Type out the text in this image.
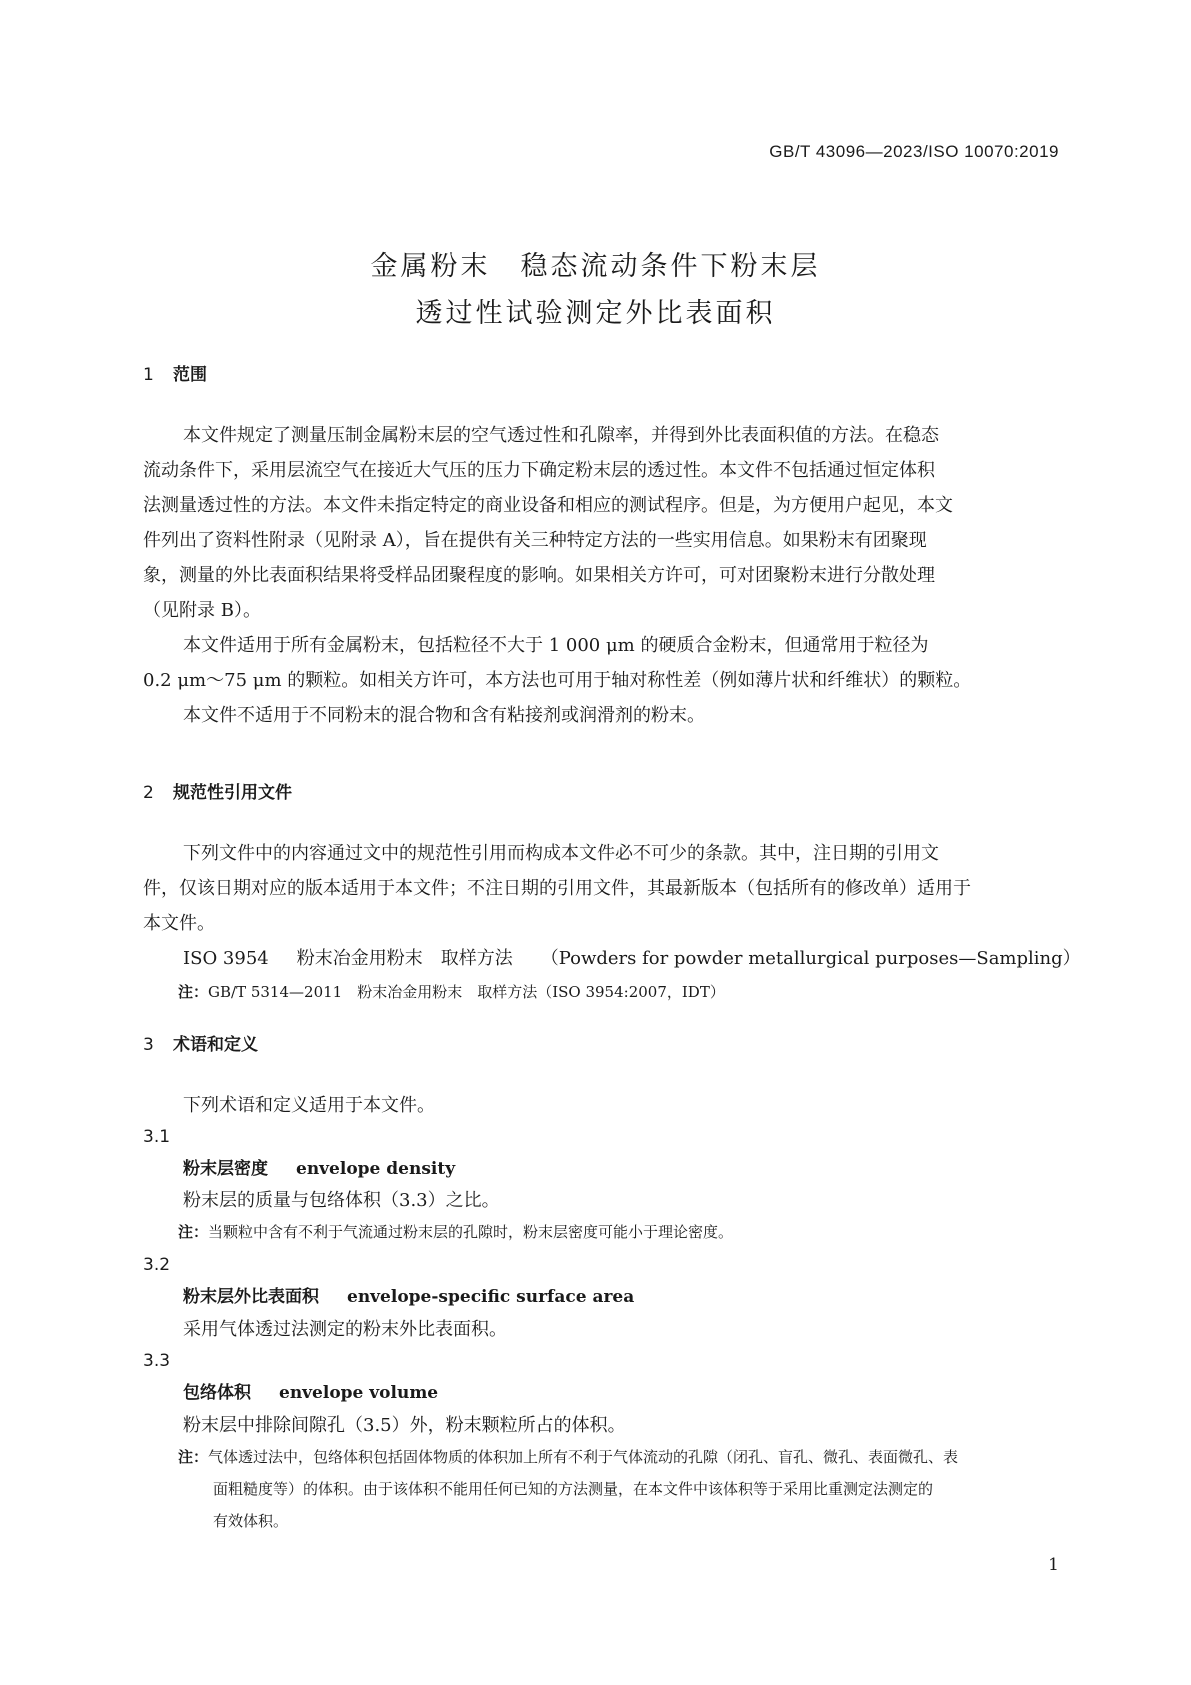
GB/T 43096—2023/ISO 10070:2019
金属粉末　稳态流动条件下粉末层
透过性试验测定外比表面积
1 范围
本文件规定了测量压制金属粉末层的空气透过性和孔隙率，并得到外比表面积值的方法。在稳态
流动条件下，采用层流空气在接近大气压的压力下确定粉末层的透过性。本文件不包括通过恒定体积
法测量透过性的方法。本文件未指定特定的商业设备和相应的测试程序。但是，为方便用户起见，本文
件列出了资料性附录（见附录 A），旨在提供有关三种特定方法的一些实用信息。如果粉末有团聚现
象，测量的外比表面积结果将受样品团聚程度的影响。如果相关方许可，可对团聚粉末进行分散处理
（见附录 B）。
本文件适用于所有金属粉末，包括粒径不大于 1 000 μm 的硬质合金粉末，但通常用于粒径为
0.2 μm～75 μm 的颗粒。如相关方许可，本方法也可用于轴对称性差（例如薄片状和纤维状）的颗粒。
本文件不适用于不同粉末的混合物和含有粘接剂或润滑剂的粉末。
2 规范性引用文件
下列文件中的内容通过文中的规范性引用而构成本文件必不可少的条款。其中，注日期的引用文
件，仅该日期对应的版本适用于本文件；不注日期的引用文件，其最新版本（包括所有的修改单）适用于
本文件。
ISO 3954 粉末冶金用粉末　取样方法 （Powders for powder metallurgical purposes—Sampling）
注：GB/T 5314—2011　粉末冶金用粉末　取样方法（ISO 3954:2007，IDT）
3 术语和定义
下列术语和定义适用于本文件。
3.1
粉末层密度 envelope density
粉末层的质量与包络体积（3.3）之比。
注：当颗粒中含有不利于气流通过粉末层的孔隙时，粉末层密度可能小于理论密度。
3.2
粉末层外比表面积 envelope-specific surface area
采用气体透过法测定的粉末外比表面积。
3.3
包络体积 envelope volume
粉末层中排除间隙孔（3.5）外，粉末颗粒所占的体积。
注：气体透过法中，包络体积包括固体物质的体积加上所有不利于气体流动的孔隙（闭孔、盲孔、微孔、表面微孔、表
面粗糙度等）的体积。由于该体积不能用任何已知的方法测量，在本文件中该体积等于采用比重测定法测定的
有效体积。
1
